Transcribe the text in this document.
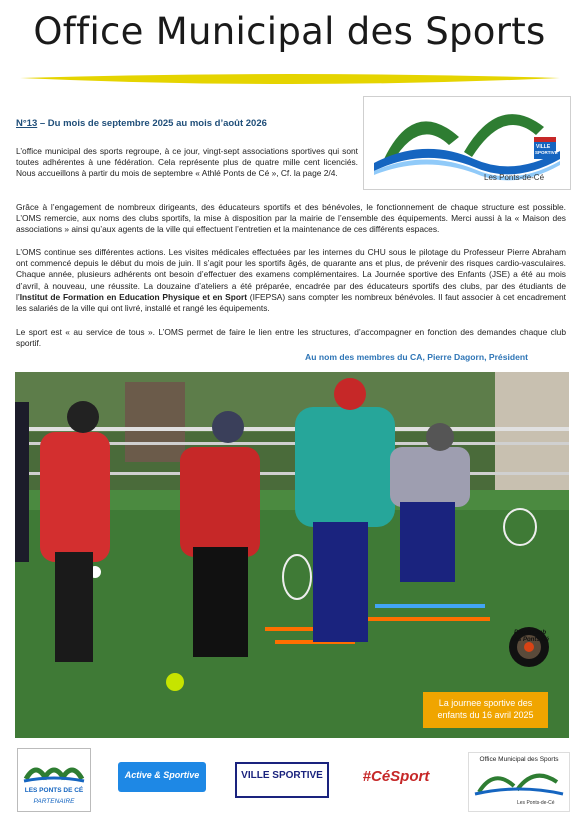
Office Municipal des Sports
VILLE
SPORTIVE
Les Ponts-de-Cé
N°13 – Du mois de septembre 2025 au mois d’août 2026
L’office municipal des sports regroupe, à ce jour, vingt-sept associations sportives qui sont toutes adhérentes à une fédération. Cela représente plus de quatre mille cent licenciés. Nous accueillons à partir du mois de septembre « Athlé Ponts de Cé », Cf. la page 2/4.
Grâce à l’engagement de nombreux dirigeants, des éducateurs sportifs et des bénévoles, le fonctionnement de chaque structure est possible. L’OMS remercie, aux noms des clubs sportifs, la mise à disposition par la mairie de l’ensemble des équipements. Merci aussi à la « Maison des associations » ainsi qu’aux agents de la ville qui effectuent l’entretien et la maintenance de ces différents espaces.
L’OMS continue ses différentes actions. Les visites médicales effectuées par les internes du CHU sous le pilotage du Professeur Pierre Abraham ont commencé depuis le début du mois de juin. Il s’agit pour les sportifs âgés, de quarante ans et plus, de prévenir des risques cardio-vasculaires. Chaque année, plusieurs adhérents ont besoin d’effectuer des examens complémentaires. La Journée sportive des Enfants (JSE) a été au mois d’avril, à nouveau, une réussite. La douzaine d’ateliers a été préparée, encadrée par des éducateurs sportifs des clubs, par des étudiants de l’Institut de Formation en Education Physique et en Sport (IFEPSA) sans compter les nombreux bénévoles. Il faut associer à cet encadrement les salariés de la ville qui ont livré, installé et rangé les équipements.
Le sport est « au service de tous ». L’OMS permet de faire le lien entre les structures, d’accompagner en fonction des demandes chaque club sportif.
Au nom des membres du CA, Pierre Dagorn, Président
Photo Club
Les Ponts Cé
La journee sportive des
enfants du 16 avril 2025
LES PONTS DE CÉ
PARTENAIRE
Active & Sportive	VILLE SPORTIVE	#CéSport
Office Municipal des Sports
Les Ponts-de-Cé
